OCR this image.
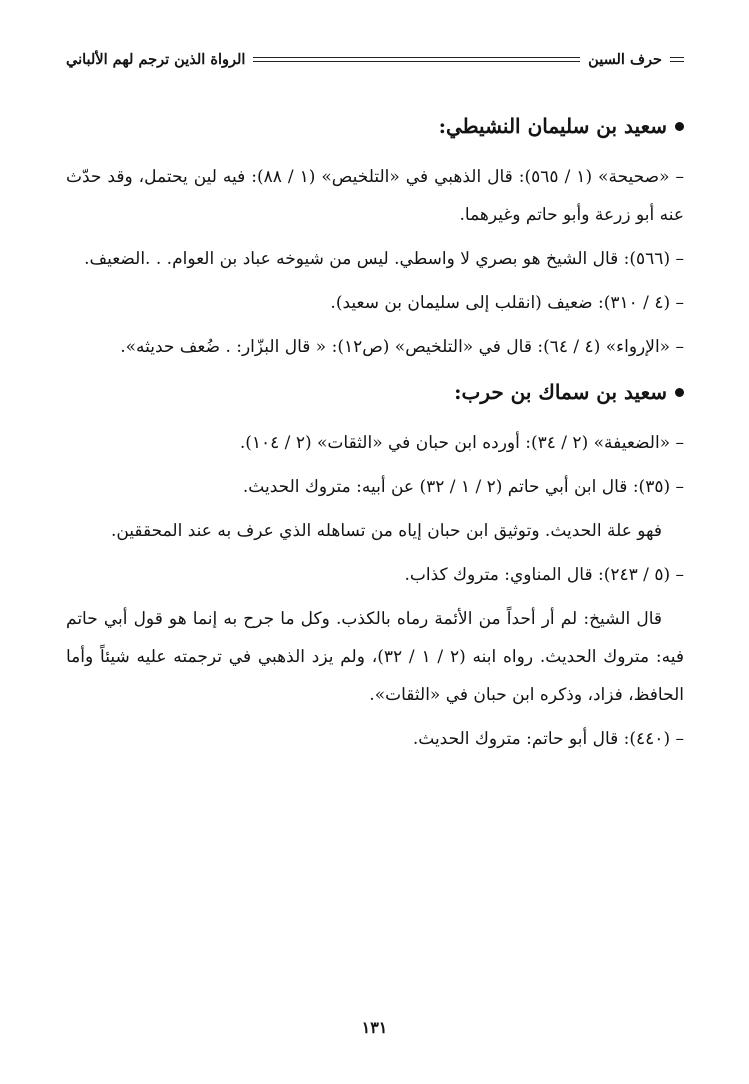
حرف السين
الرواة الذين ترجم لهم الألباني
سعيد بن سليمان النشيطي:

– «صحيحة» (١ / ٥٦٥): قال الذهبي في «التلخيص» (١ / ٨٨): فيه لين يحتمل، وقد حدّث عنه أبو زرعة وأبو حاتم وغيرهما.

– (٥٦٦): قال الشيخ هو بصري لا واسطي. ليس من شيوخه عباد بن العوام. . .الضعيف.

– (٤ / ٣١٠): ضعيف (انقلب إلى سليمان بن سعيد).

– «الإرواء» (٤ / ٦٤): قال في «التلخيص» (ص١٢): « قال البزّار: . ضُعف حديثه».

سعيد بن سماك بن حرب:

– «الضعيفة» (٢ / ٣٤): أورده ابن حبان في «الثقات» (٢ / ١٠٤).

– (٣٥): قال ابن أبي حاتم (٢ / ١ / ٣٢) عن أبيه: متروك الحديث.

فهو علة الحديث. وتوثيق ابن حبان إياه من تساهله الذي عرف به عند المحققين.

– (٥ / ٢٤٣): قال المناوي: متروك كذاب.

قال الشيخ: لم أر أحداً من الأئمة رماه بالكذب. وكل ما جرح به إنما هو قول أبي حاتم فيه: متروك الحديث. رواه ابنه (٢ / ١ / ٣٢)، ولم يزد الذهبي في ترجمته عليه شيئاً وأما الحافظ، فزاد، وذكره ابن حبان في «الثقات».

– (٤٤٠): قال أبو حاتم: متروك الحديث.

١٣١
